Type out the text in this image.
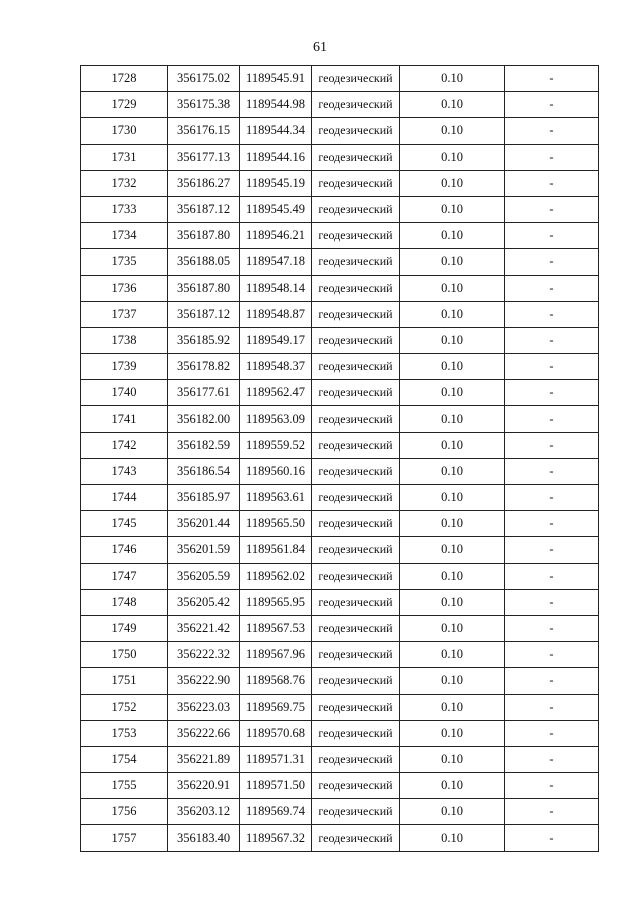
61
1728	356175.02	1189545.91	геодезический	0.10	-
1729	356175.38	1189544.98	геодезический	0.10	-
1730	356176.15	1189544.34	геодезический	0.10	-
1731	356177.13	1189544.16	геодезический	0.10	-
1732	356186.27	1189545.19	геодезический	0.10	-
1733	356187.12	1189545.49	геодезический	0.10	-
1734	356187.80	1189546.21	геодезический	0.10	-
1735	356188.05	1189547.18	геодезический	0.10	-
1736	356187.80	1189548.14	геодезический	0.10	-
1737	356187.12	1189548.87	геодезический	0.10	-
1738	356185.92	1189549.17	геодезический	0.10	-
1739	356178.82	1189548.37	геодезический	0.10	-
1740	356177.61	1189562.47	геодезический	0.10	-
1741	356182.00	1189563.09	геодезический	0.10	-
1742	356182.59	1189559.52	геодезический	0.10	-
1743	356186.54	1189560.16	геодезический	0.10	-
1744	356185.97	1189563.61	геодезический	0.10	-
1745	356201.44	1189565.50	геодезический	0.10	-
1746	356201.59	1189561.84	геодезический	0.10	-
1747	356205.59	1189562.02	геодезический	0.10	-
1748	356205.42	1189565.95	геодезический	0.10	-
1749	356221.42	1189567.53	геодезический	0.10	-
1750	356222.32	1189567.96	геодезический	0.10	-
1751	356222.90	1189568.76	геодезический	0.10	-
1752	356223.03	1189569.75	геодезический	0.10	-
1753	356222.66	1189570.68	геодезический	0.10	-
1754	356221.89	1189571.31	геодезический	0.10	-
1755	356220.91	1189571.50	геодезический	0.10	-
1756	356203.12	1189569.74	геодезический	0.10	-
1757	356183.40	1189567.32	геодезический	0.10	-
